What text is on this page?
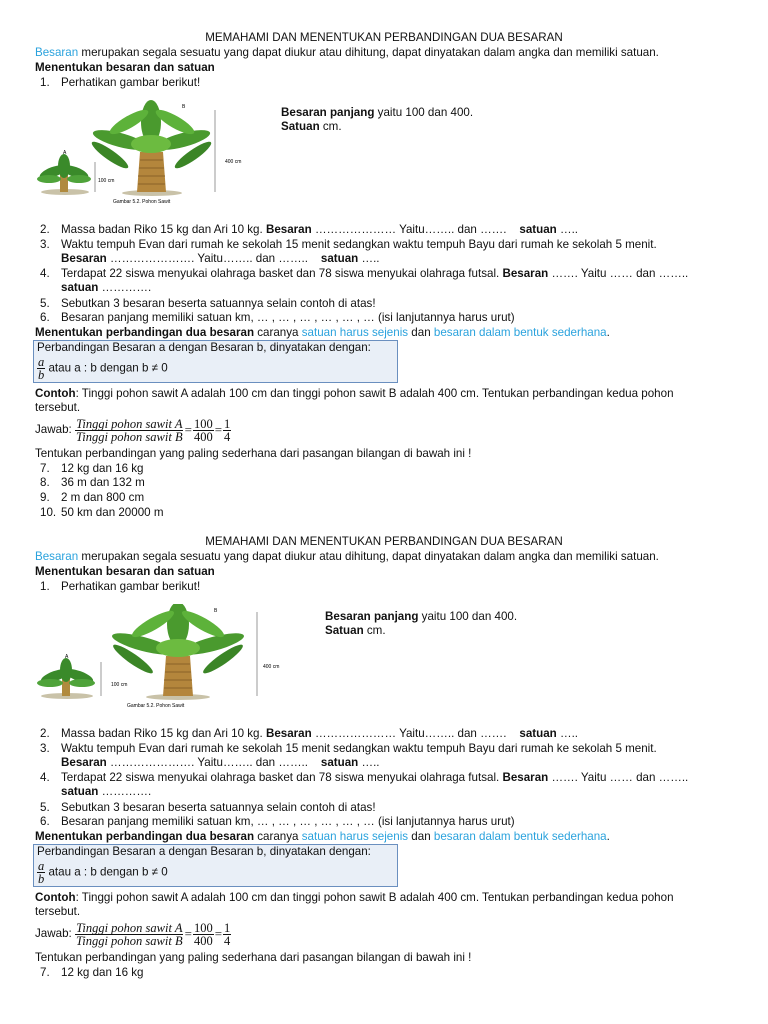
MEMAHAMI DAN MENENTUKAN PERBANDINGAN DUA BESARAN
Besaran merupakan segala sesuatu yang dapat diukur atau dihitung, dapat dinyatakan dalam angka dan memiliki satuan.
Menentukan besaran dan satuan
1. Perhatikan gambar berikut!
A
B
100 cm
400 cm
Gambar 5.2. Pohon Sawit
Besaran panjang yaitu 100 dan 400.
Satuan cm.
2. Massa badan Riko 15 kg dan Ari 10 kg. Besaran ………………… Yaitu…….. dan ……. satuan …..
3. Waktu tempuh Evan dari rumah ke sekolah 15 menit sedangkan waktu tempuh Bayu dari rumah ke sekolah 5 menit.
Besaran …………………. Yaitu…….. dan …….. satuan …..
4. Terdapat 22 siswa menyukai olahraga basket dan 78 siswa menyukai olahraga futsal. Besaran ……. Yaitu …… dan ……..
satuan ………….
5. Sebutkan 3 besaran beserta satuannya selain contoh di atas!
6. Besaran panjang memiliki satuan km, … , … , … , … , … , … (isi lanjutannya harus urut)
Menentukan perbandingan dua besaran caranya satuan harus sejenis dan besaran dalam bentuk sederhana.
Perbandingan Besaran a dengan Besaran b, dinyatakan dengan:
$\frac{a}{b}$ atau a : b dengan b ≠ 0
Contoh: Tinggi pohon sawit A adalah 100 cm dan tinggi pohon sawit B adalah 400 cm. Tentukan perbandingan kedua pohon
tersebut.
Jawab: $\frac{\text{Tinggi pohon sawit A}}{\text{Tinggi pohon sawit B}} = \frac{100}{400} = \frac{1}{4}$
Tentukan perbandingan yang paling sederhana dari pasangan bilangan di bawah ini !
7. 12 kg dan 16 kg
8. 36 m dan 132 m
9. 2 m dan 800 cm
10. 50 km dan 20000 m
MEMAHAMI DAN MENENTUKAN PERBANDINGAN DUA BESARAN
Besaran merupakan segala sesuatu yang dapat diukur atau dihitung, dapat dinyatakan dalam angka dan memiliki satuan.
Menentukan besaran dan satuan
1. Perhatikan gambar berikut!
A
B
100 cm
400 cm
Gambar 5.2. Pohon Sawit
Besaran panjang yaitu 100 dan 400.
Satuan cm.
2. Massa badan Riko 15 kg dan Ari 10 kg. Besaran ………………… Yaitu…….. dan ……. satuan …..
3. Waktu tempuh Evan dari rumah ke sekolah 15 menit sedangkan waktu tempuh Bayu dari rumah ke sekolah 5 menit.
Besaran …………………. Yaitu…….. dan …….. satuan …..
4. Terdapat 22 siswa menyukai olahraga basket dan 78 siswa menyukai olahraga futsal. Besaran ……. Yaitu …… dan ……..
satuan ………….
5. Sebutkan 3 besaran beserta satuannya selain contoh di atas!
6. Besaran panjang memiliki satuan km, … , … , … , … , … , … (isi lanjutannya harus urut)
Menentukan perbandingan dua besaran caranya satuan harus sejenis dan besaran dalam bentuk sederhana.
Perbandingan Besaran a dengan Besaran b, dinyatakan dengan:
$\frac{a}{b}$ atau a : b dengan b ≠ 0
Contoh: Tinggi pohon sawit A adalah 100 cm dan tinggi pohon sawit B adalah 400 cm. Tentukan perbandingan kedua pohon
tersebut.
Jawab: $\frac{\text{Tinggi pohon sawit A}}{\text{Tinggi pohon sawit B}} = \frac{100}{400} = \frac{1}{4}$
Tentukan perbandingan yang paling sederhana dari pasangan bilangan di bawah ini !
7. 12 kg dan 16 kg
